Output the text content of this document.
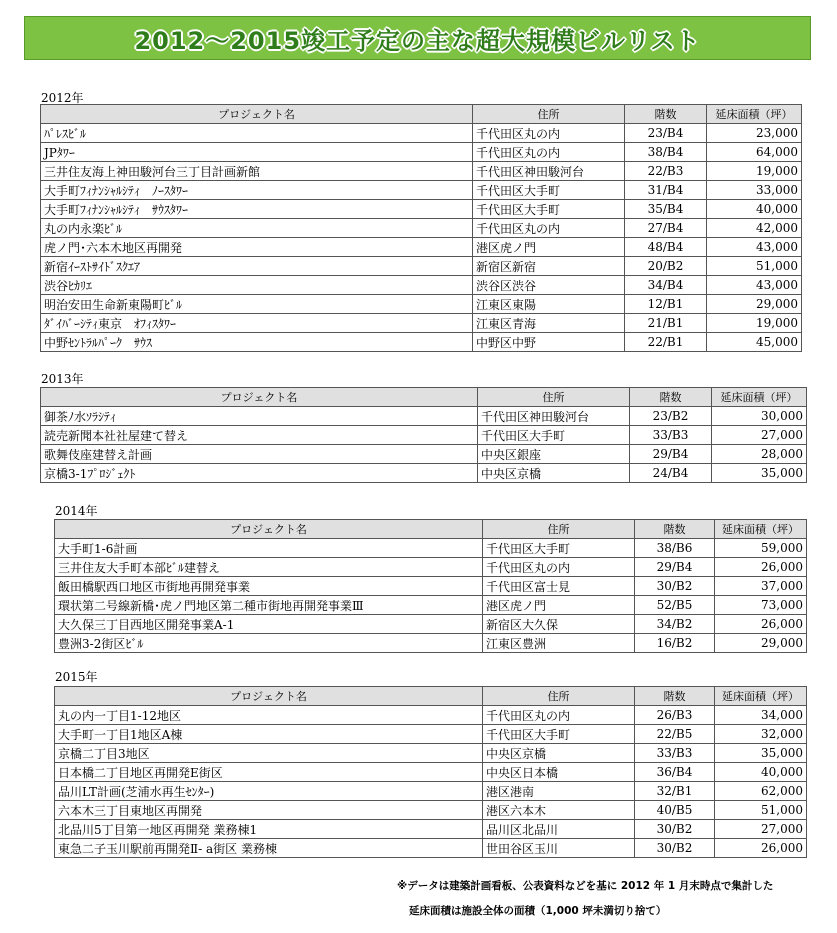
2012～2015竣工予定の主な超大規模ビルリスト
2012年
プロジェクト名	住所	階数	延床面積（坪）
ﾊﾟﾚｽﾋﾞﾙ	千代田区丸の内	23/B4	23,000
JPﾀﾜｰ	千代田区丸の内	38/B4	64,000
三井住友海上神田駿河台三丁目計画新館	千代田区神田駿河台	22/B3	19,000
大手町ﾌｨﾅﾝｼｬﾙｼﾃｨ　ﾉｰｽﾀﾜｰ	千代田区大手町	31/B4	33,000
大手町ﾌｨﾅﾝｼｬﾙｼﾃｨ　ｻｳｽﾀﾜｰ	千代田区大手町	35/B4	40,000
丸の内永楽ﾋﾞﾙ	千代田区丸の内	27/B4	42,000
虎ノ門･六本木地区再開発	港区虎ノ門	48/B4	43,000
新宿ｲｰｽﾄｻｲﾄﾞｽｸｴｱ	新宿区新宿	20/B2	51,000
渋谷ﾋｶﾘｴ	渋谷区渋谷	34/B4	43,000
明治安田生命新東陽町ﾋﾞﾙ	江東区東陽	12/B1	29,000
ﾀﾞｲﾊﾞｰｼﾃｨ東京　ｵﾌｨｽﾀﾜｰ	江東区青海	21/B1	19,000
中野ｾﾝﾄﾗﾙﾊﾟｰｸ　ｻｳｽ	中野区中野	22/B1	45,000
2013年
プロジェクト名	住所	階数	延床面積（坪）
御茶ﾉ水ｿﾗｼﾃｨ	千代田区神田駿河台	23/B2	30,000
読売新聞本社社屋建て替え	千代田区大手町	33/B3	27,000
歌舞伎座建替え計画	中央区銀座	29/B4	28,000
京橋3-1ﾌﾟﾛｼﾞｪｸﾄ	中央区京橋	24/B4	35,000
2014年
プロジェクト名	住所	階数	延床面積（坪）
大手町1-6計画	千代田区大手町	38/B6	59,000
三井住友大手町本部ﾋﾞﾙ建替え	千代田区丸の内	29/B4	26,000
飯田橋駅西口地区市街地再開発事業	千代田区富士見	30/B2	37,000
環状第二号線新橋･虎ノ門地区第二種市街地再開発事業Ⅲ	港区虎ノ門	52/B5	73,000
大久保三丁目西地区開発事業A-1	新宿区大久保	34/B2	26,000
豊洲3-2街区ﾋﾞﾙ	江東区豊洲	16/B2	29,000
2015年
プロジェクト名	住所	階数	延床面積（坪）
丸の内一丁目1-12地区	千代田区丸の内	26/B3	34,000
大手町一丁目1地区A棟	千代田区大手町	22/B5	32,000
京橋二丁目3地区	中央区京橋	33/B3	35,000
日本橋二丁目地区再開発E街区	中央区日本橋	36/B4	40,000
品川LT計画(芝浦水再生ｾﾝﾀｰ)	港区港南	32/B1	62,000
六本木三丁目東地区再開発	港区六本木	40/B5	51,000
北品川5丁目第一地区再開発 業務棟1	品川区北品川	30/B2	27,000
東急二子玉川駅前再開発Ⅱ- a街区 業務棟	世田谷区玉川	30/B2	26,000
※データは建築計画看板、公表資料などを基に 2012 年 1 月末時点で集計した
延床面積は施設全体の面積（1,000 坪未満切り捨て）
